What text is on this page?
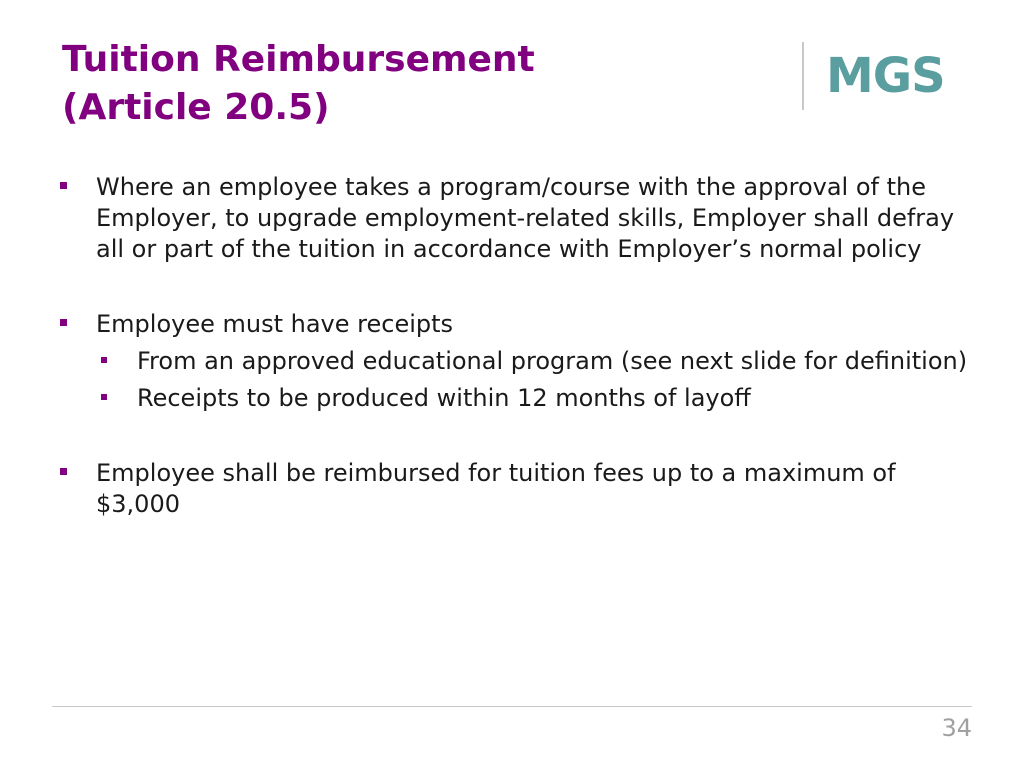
Tuition Reimbursement
(Article 20.5)
MGS
Where an employee takes a program/course with the approval of the Employer, to upgrade employment-related skills, Employer shall defray all or part of the tuition in accordance with Employer’s normal policy
Employee must have receipts
From an approved educational program (see next slide for definition)
Receipts to be produced within 12 months of layoff
Employee shall be reimbursed for tuition fees up to a maximum of $3,000
34
